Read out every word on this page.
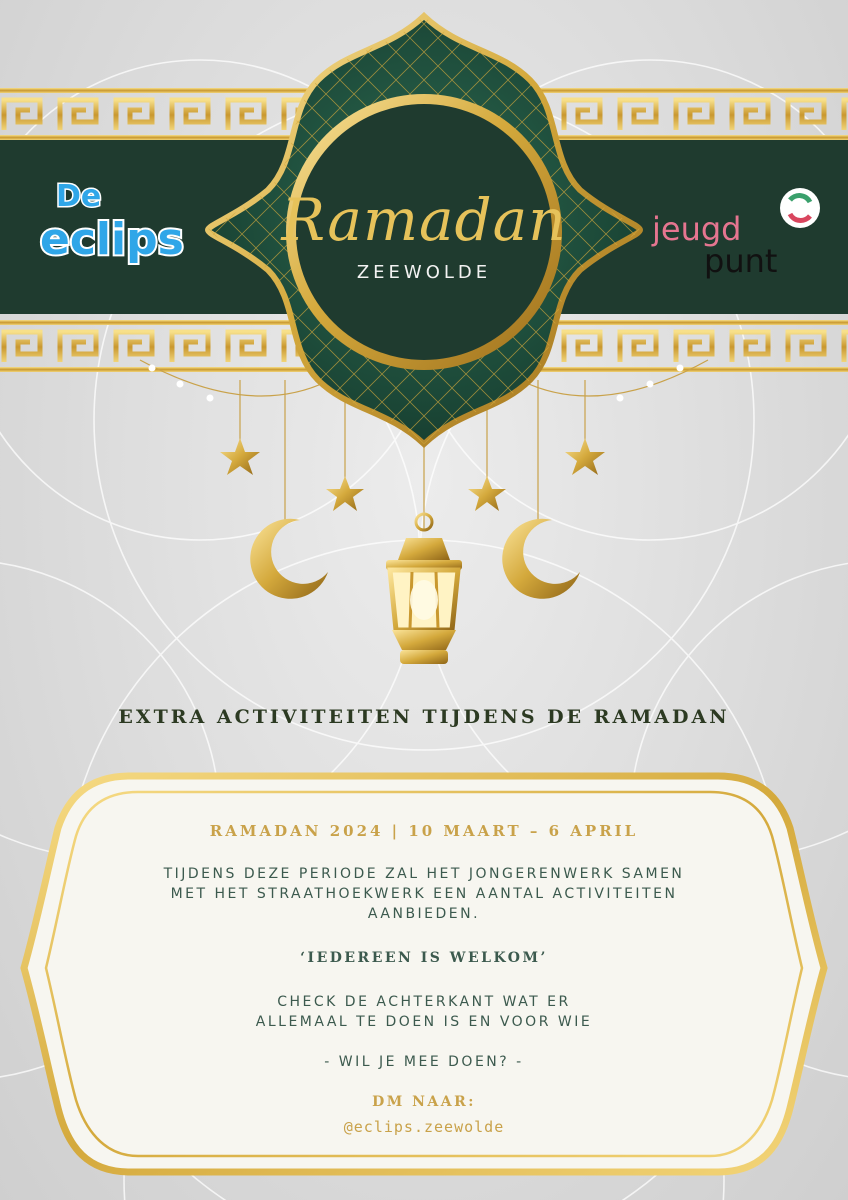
Ramadan
ZEEWOLDE
De
eclips	jeugd
punt
EXTRA ACTIVITEITEN TIJDENS DE RAMADAN
RAMADAN 2024 | 10 MAART – 6 APRIL
TIJDENS DEZE PERIODE ZAL HET JONGERENWERK SAMEN
MET HET STRAATHOEKWERK EEN AANTAL ACTIVITEITEN
AANBIEDEN.
‘IEDEREEN IS WELKOM’
CHECK DE ACHTERKANT WAT ER
ALLEMAAL TE DOEN IS EN VOOR WIE
- WIL JE MEE DOEN? -
DM NAAR:
@eclips.zeewolde
